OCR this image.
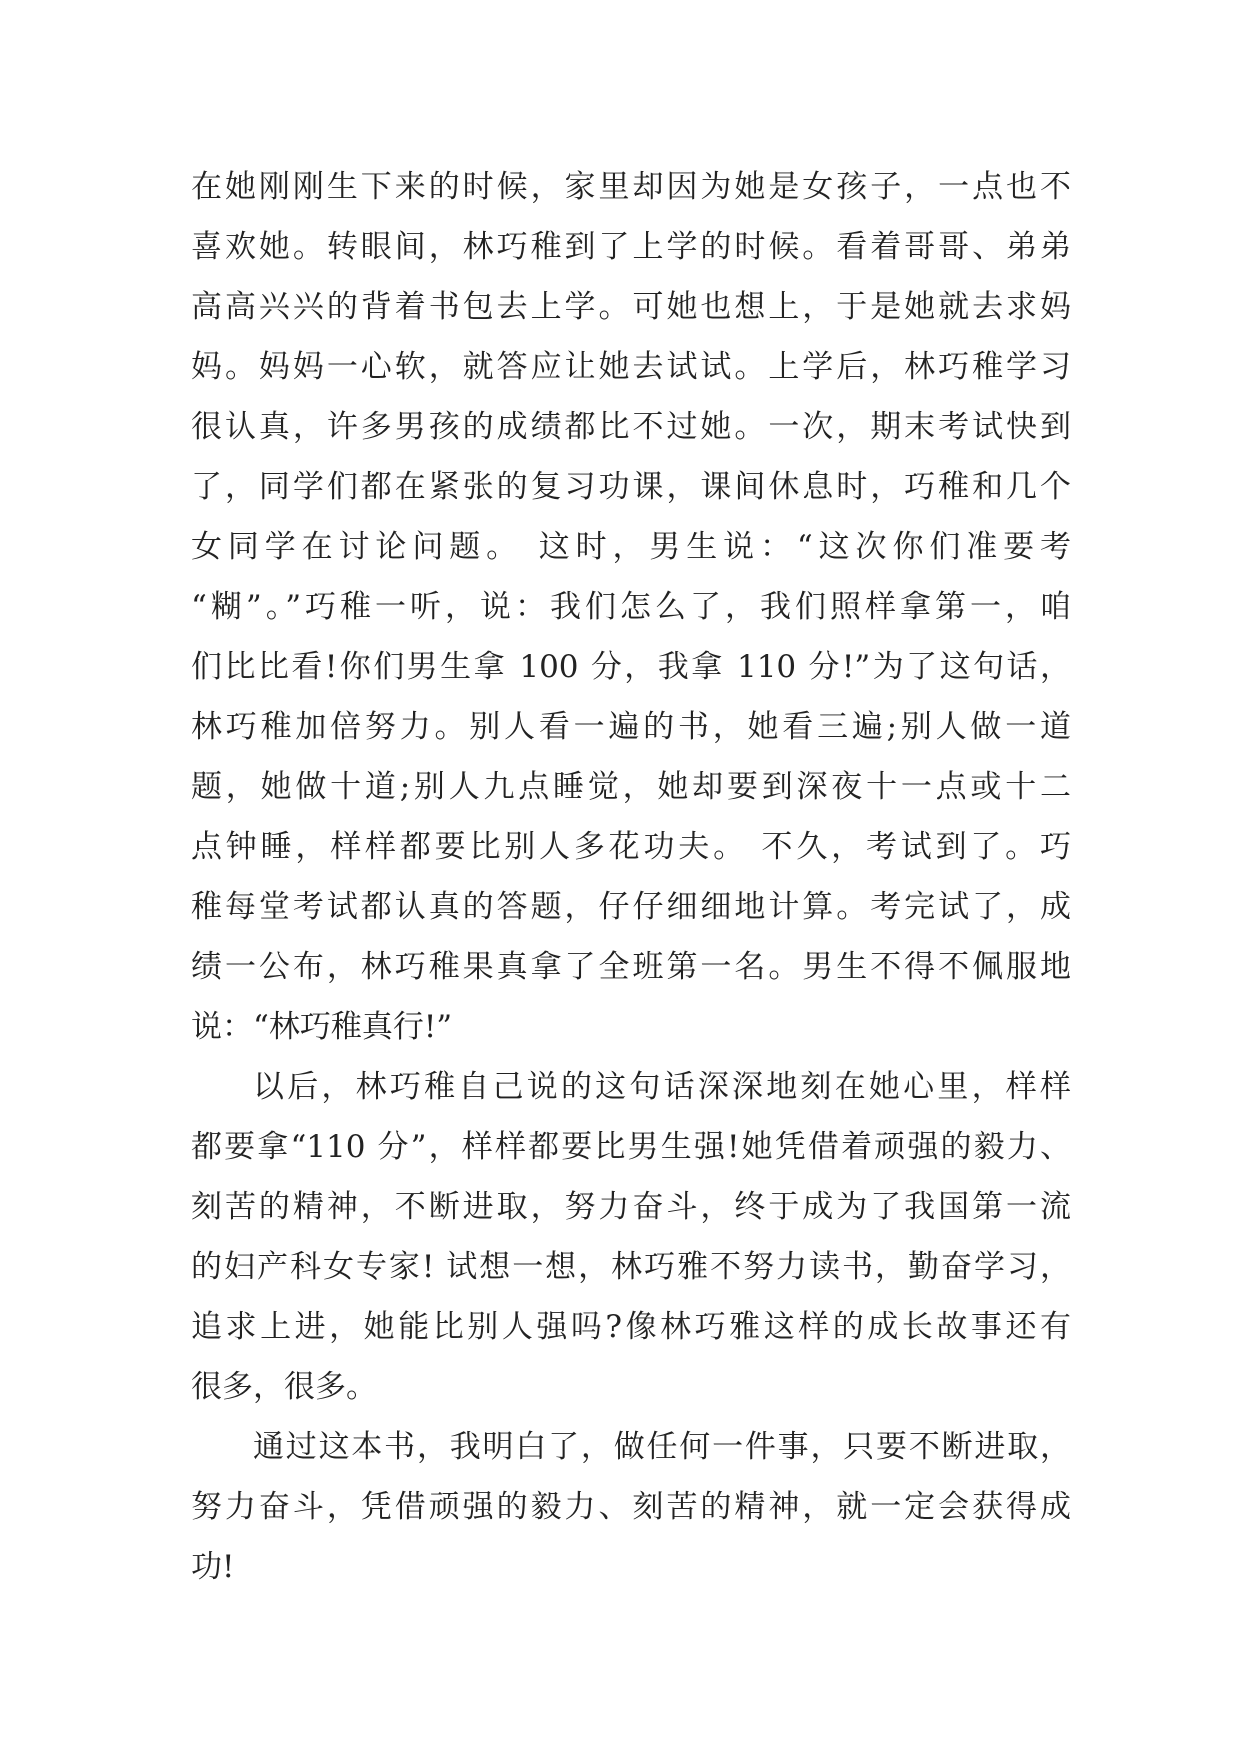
在她刚刚生下来的时候，家里却因为她是女孩子，一点也不
喜欢她。转眼间，林巧稚到了上学的时候。看着哥哥、弟弟
高高兴兴的背着书包去上学。可她也想上，于是她就去求妈
妈。妈妈一心软，就答应让她去试试。上学后，林巧稚学习
很认真，许多男孩的成绩都比不过她。一次，期末考试快到
了，同学们都在紧张的复习功课，课间休息时，巧稚和几个
女同学在讨论问题。 这时，男生说：“这次你们准要考
“糊”。”巧稚一听，说：我们怎么了，我们照样拿第一，咱
们比比看!你们男生拿 100 分，我拿 110 分!”为了这句话，
林巧稚加倍努力。别人看一遍的书，她看三遍;别人做一道
题，她做十道;别人九点睡觉，她却要到深夜十一点或十二
点钟睡，样样都要比别人多花功夫。 不久，考试到了。巧
稚每堂考试都认真的答题，仔仔细细地计算。考完试了，成
绩一公布，林巧稚果真拿了全班第一名。男生不得不佩服地
说：“林巧稚真行!”
以后，林巧稚自己说的这句话深深地刻在她心里，样样
都要拿“110 分”，样样都要比男生强!她凭借着顽强的毅力、
刻苦的精神，不断进取，努力奋斗，终于成为了我国第一流
的妇产科女专家! 试想一想，林巧雅不努力读书，勤奋学习，
追求上进，她能比别人强吗?像林巧雅这样的成长故事还有
很多，很多。
通过这本书，我明白了，做任何一件事，只要不断进取，
努力奋斗，凭借顽强的毅力、刻苦的精神，就一定会获得成
功!
